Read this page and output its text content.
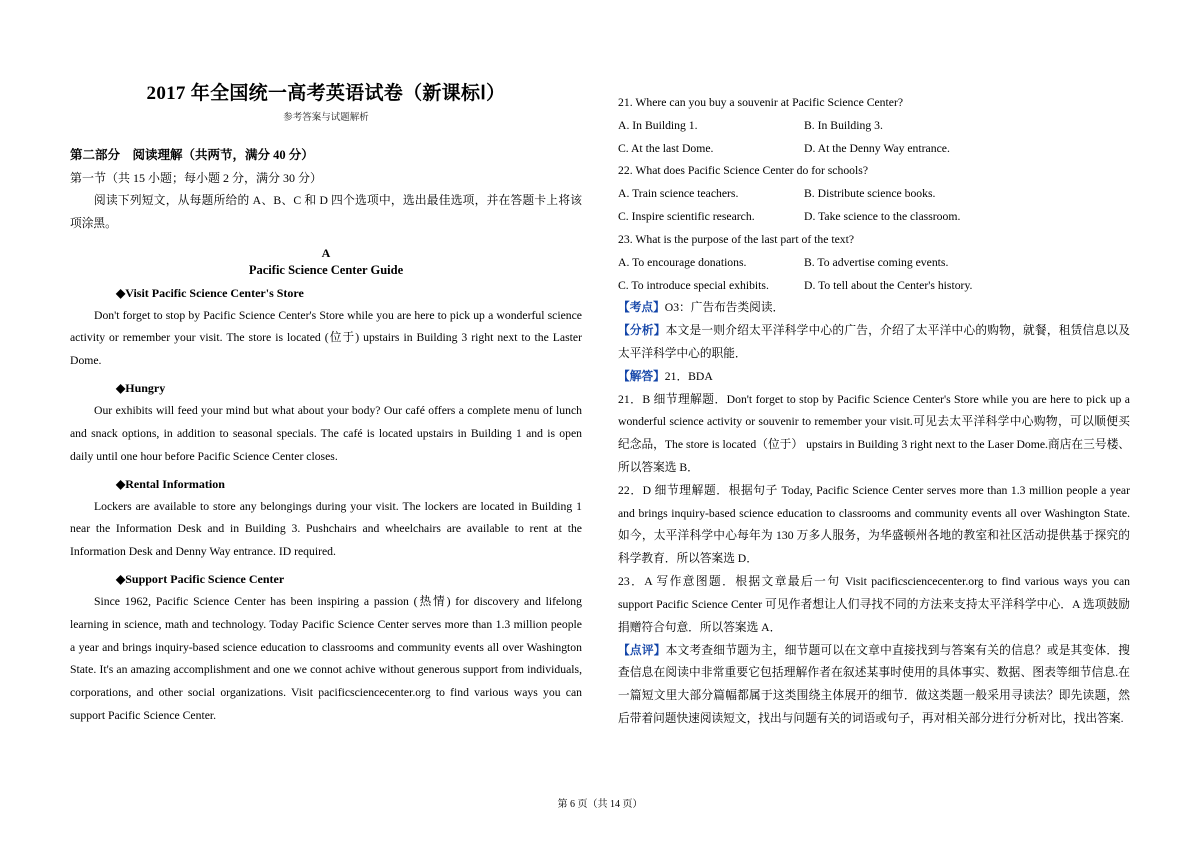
2017 年全国统一高考英语试卷（新课标Ⅰ）
参考答案与试题解析
第二部分　阅读理解（共两节，满分 40 分）
第一节（共 15 小题；每小题 2 分，满分 30 分）

阅读下列短文，从每题所给的 A、B、C 和 D 四个选项中，选出最佳选项，并在答题卡上将该项涂黑。

A
Pacific Science Center Guide
◆Visit Pacific Science Center's Store

Don't forget to stop by Pacific Science Center's Store while you are here to pick up a wonderful science activity or remember your visit. The store is located (位于) upstairs in Building 3 right next to the Laster Dome.

◆Hungry

Our exhibits will feed your mind but what about your body? Our café offers a complete menu of lunch and snack options, in addition to seasonal specials. The café is located upstairs in Building 1 and is open daily until one hour before Pacific Science Center closes.

◆Rental Information

Lockers are available to store any belongings during your visit. The lockers are located in Building 1 near the Information Desk and in Building 3. Pushchairs and wheelchairs are available to rent at the Information Desk and Denny Way entrance. ID required.

◆Support Pacific Science Center

Since 1962, Pacific Science Center has been inspiring a passion (热情) for discovery and lifelong learning in science, math and technology. Today Pacific Science Center serves more than 1.3 million people a year and brings inquiry-based science education to classrooms and community events all over Washington State. It's an amazing accomplishment and one we connot achive without generous support from individuals, corporations, and other social organizations. Visit pacificsciencecenter.org to find various ways you can support Pacific Science Center.

21. Where can you buy a souvenir at Pacific Science Center?
A. In Building 1.	B. In Building 3.
C. At the last Dome.	D. At the Denny Way entrance.
22. What does Pacific Science Center do for schools?
A. Train science teachers.	B. Distribute science books.
C. Inspire scientific research.	D. Take science to the classroom.
23. What is the purpose of the last part of the text?
A. To encourage donations.	B. To advertise coming events.
C. To introduce special exhibits.	D. To tell about the Center's history.

【考点】O3：广告布告类阅读．

【分析】本文是一则介绍太平洋科学中心的广告，介绍了太平洋中心的购物，就餐，租赁信息以及太平洋科学中心的职能．

【解答】21．BDA

21．B 细节理解题．Don't forget to stop by Pacific Science Center's Store while you are here to pick up a wonderful science activity or souvenir to remember your visit.可见去太平洋科学中心购物，可以顺便买纪念品，The store is located（位于） upstairs in Building 3 right next to the Laser Dome.商店在三号楼、所以答案选 B．

22．D 细节理解题．根据句子 Today, Pacific Science Center serves more than 1.3 million people a year and brings inquiry-based science education to classrooms and community events all over Washington State.如今，太平洋科学中心每年为 130 万多人服务，为华盛顿州各地的教室和社区活动提供基于探究的科学教育．所以答案选 D．

23．A 写作意图题．根据文章最后一句 Visit pacificsciencecenter.org to find various ways you can support Pacific Science Center 可见作者想让人们寻找不同的方法来支持太平洋科学中心．A 选项鼓励捐赠符合句意．所以答案选 A．

【点评】本文考查细节题为主，细节题可以在文章中直接找到与答案有关的信息？或是其变体．搜查信息在阅读中非常重要它包括理解作者在叙述某事时使用的具体事实、数据、图表等细节信息.在一篇短文里大部分篇幅都属于这类围绕主体展开的细节．做这类题一般采用寻读法？即先读题，然后带着问题快速阅读短文，找出与问题有关的词语或句子，再对相关部分进行分析对比，找出答案.

第 6 页（共 14 页）
